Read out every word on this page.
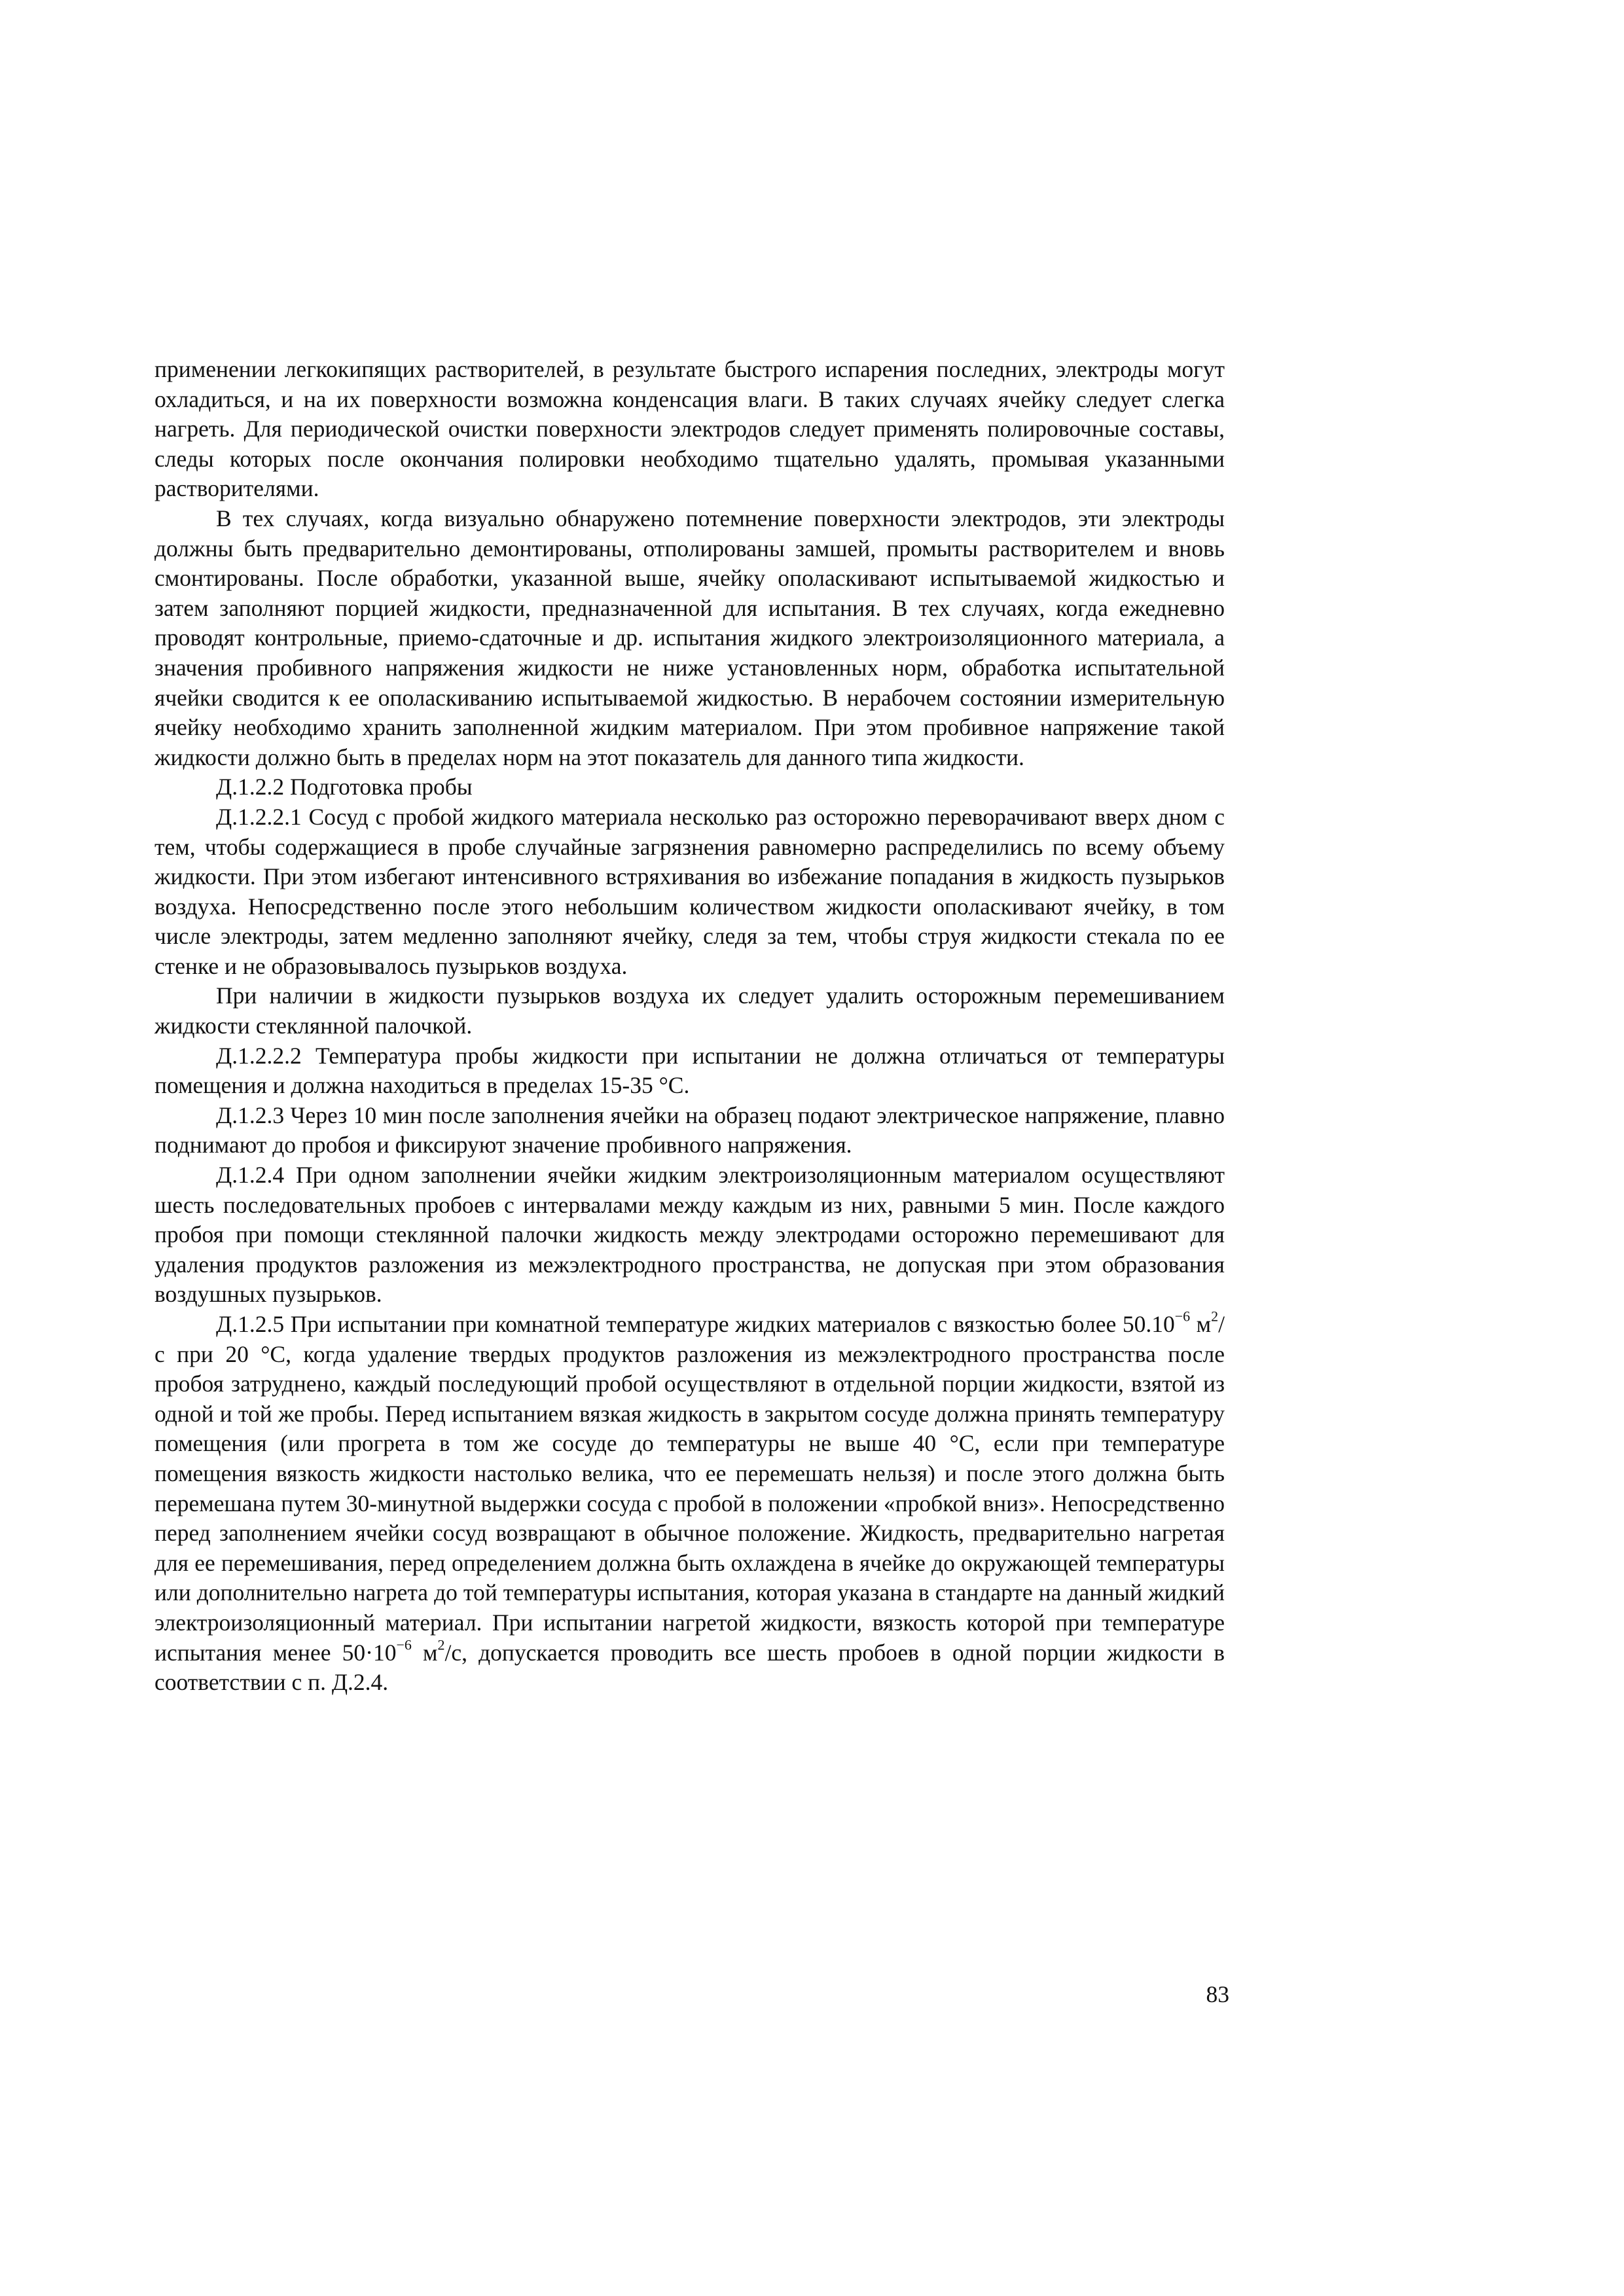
применении легкокипящих растворителей, в результате быстрого испарения последних, электроды могут охладиться, и на их поверхности возможна конденсация влаги. В таких случаях ячейку следует слегка нагреть. Для периодической очистки поверхности электродов следует применять полировочные составы, следы которых после окончания полировки необходимо тщательно удалять, промывая указанными растворителями.

В тех случаях, когда визуально обнаружено потемнение поверхности электродов, эти электроды должны быть предварительно демонтированы, отполированы замшей, промыты растворителем и вновь смонтированы. После обработки, указанной выше, ячейку ополаскивают испытываемой жидкостью и затем заполняют порцией жидкости, предназначенной для испытания. В тех случаях, когда ежедневно проводят контрольные, приемо-сдаточные и др. испытания жидкого электроизоляционного материала, а значения пробивного напряжения жидкости не ниже установленных норм, обработка испытательной ячейки сводится к ее ополаскиванию испытываемой жидкостью. В нерабочем состоянии измерительную ячейку необходимо хранить заполненной жидким материалом. При этом пробивное напряжение такой жидкости должно быть в пределах норм на этот показатель для данного типа жидкости.

Д.1.2.2 Подготовка пробы

Д.1.2.2.1 Сосуд с пробой жидкого материала несколько раз осторожно переворачивают вверх дном с тем, чтобы содержащиеся в пробе случайные загрязнения равномерно распределились по всему объему жидкости. При этом избегают интенсивного встряхивания во избежание попадания в жидкость пузырьков воздуха. Непосредственно после этого небольшим количеством жидкости ополаскивают ячейку, в том числе электроды, затем медленно заполняют ячейку, следя за тем, чтобы струя жидкости стекала по ее стенке и не образовывалось пузырьков воздуха.

При наличии в жидкости пузырьков воздуха их следует удалить осторожным перемешиванием жидкости стеклянной палочкой.

Д.1.2.2.2 Температура пробы жидкости при испытании не должна отличаться от температуры помещения и должна находиться в пределах 15-35 °С.

Д.1.2.3 Через 10 мин после заполнения ячейки на образец подают электрическое напряжение, плавно поднимают до пробоя и фиксируют значение пробивного напряжения.

Д.1.2.4 При одном заполнении ячейки жидким электроизоляционным материалом осуществляют шесть последовательных пробоев с интервалами между каждым из них, равными 5 мин. После каждого пробоя при помощи стеклянной палочки жидкость между электродами осторожно перемешивают для удаления продуктов разложения из межэлектродного пространства, не допуская при этом образования воздушных пузырьков.

Д.1.2.5 При испытании при комнатной температуре жидких материалов с вязкостью более $50.10^{-6}$ $м^2/с$ при 20 °С, когда удаление твердых продуктов разложения из межэлектродного пространства после пробоя затруднено, каждый последующий пробой осуществляют в отдельной порции жидкости, взятой из одной и той же пробы. Перед испытанием вязкая жидкость в закрытом сосуде должна принять температуру помещения (или прогрета в том же сосуде до температуры не выше 40 °С, если при температуре помещения вязкость жидкости настолько велика, что ее перемешать нельзя) и после этого должна быть перемешана путем 30-минутной выдержки сосуда с пробой в положении «пробкой вниз». Непосредственно перед заполнением ячейки сосуд возвращают в обычное положение. Жидкость, предварительно нагретая для ее перемешивания, перед определением должна быть охлаждена в ячейке до окружающей температуры или дополнительно нагрета до той температуры испытания, которая указана в стандарте на данный жидкий электроизоляционный материал. При испытании нагретой жидкости, вязкость которой при температуре испытания менее $50\cdot 10^{-6}$ $м^2/с$, допускается проводить все шесть пробоев в одной порции жидкости в соответствии с п. Д.2.4.

83
